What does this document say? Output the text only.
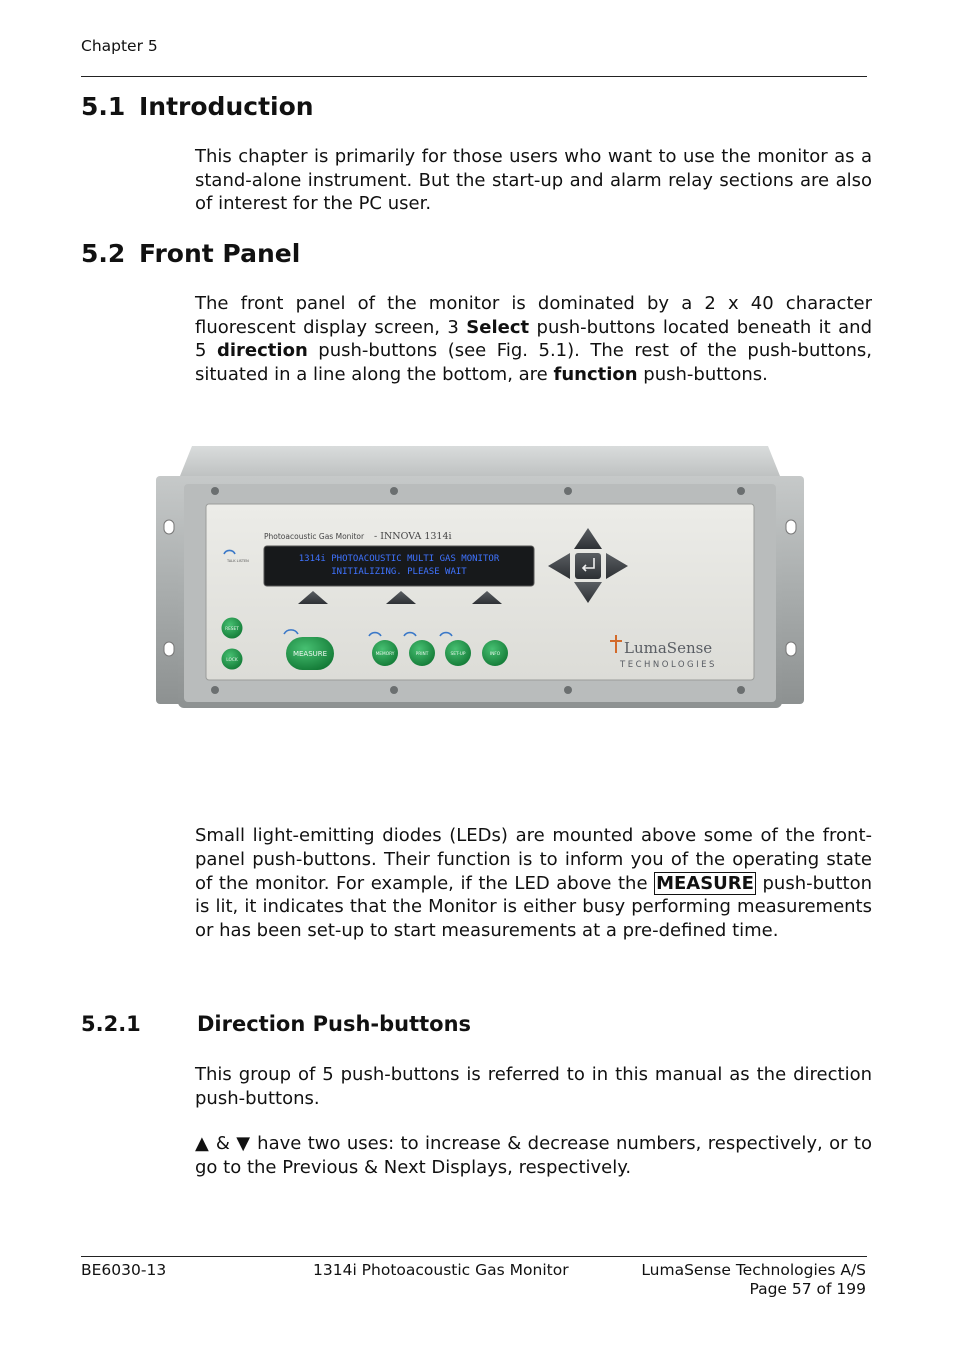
Chapter 5
5.1 Introduction
This chapter is primarily for those users who want to use the monitor as a stand-alone instrument. But the start-up and alarm relay sections are also of interest for the PC user.
5.2 Front Panel
The front panel of the monitor is dominated by a 2 x 40 character fluorescent display screen, 3 Select push-buttons located beneath it and 5 direction push-buttons (see Fig. 5.1). The rest of the push-buttons, situated in a line along the bottom, are function push-buttons.
Photoacoustic Gas Monitor - INNOVA 1314i
TALK LISTEN	1314i PHOTOACOUSTIC MULTI GAS MONITOR
INITIALIZING. PLEASE WAIT
RESET
LOCK
MEASURE	MEMORY	PRINT	SET-UP	INFO	LumaSense
TECHNOLOGIES
Small light-emitting diodes (LEDs) are mounted above some of the front-panel push-buttons. Their function is to inform you of the operating state of the monitor. For example, if the LED above the MEASURE push-button is lit, it indicates that the Monitor is either busy performing measurements or has been set-up to start measurements at a pre-defined time.
5.2.1	Direction Push-buttons
This group of 5 push-buttons is referred to in this manual as the direction push-buttons.
▲ & ▼ have two uses: to increase & decrease numbers, respectively, or to go to the Previous & Next Displays, respectively.
BE6030-13	1314i Photoacoustic Gas Monitor	LumaSense Technologies A/S
Page 57 of 199
